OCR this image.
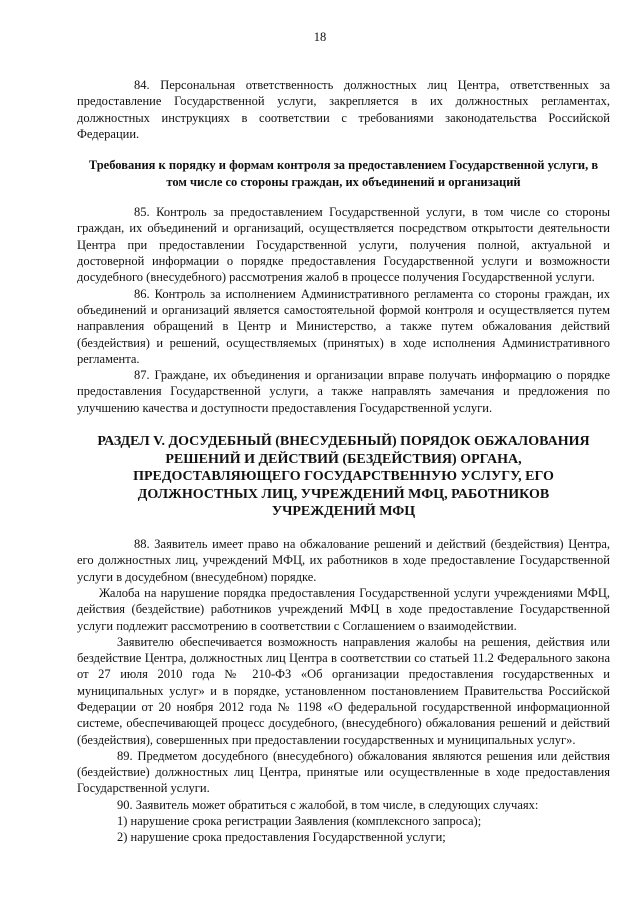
18

84. Персональная ответственность должностных лиц Центра, ответственных за предоставление Государственной услуги, закрепляется в их должностных регламентах, должностных инструкциях в соответствии с требованиями законодательства Российской Федерации.

Требования к порядку и формам контроля за предоставлением Государственной услуги, в том числе со стороны граждан, их объединений и организаций

85. Контроль за предоставлением Государственной услуги, в том числе со стороны граждан, их объединений и организаций, осуществляется посредством открытости деятельности Центра при предоставлении Государственной услуги, получения полной, актуальной и достоверной информации о порядке предоставления Государственной услуги и возможности досудебного (внесудебного) рассмотрения жалоб в процессе получения Государственной услуги.

86. Контроль за исполнением Административного регламента со стороны граждан, их объединений и организаций является самостоятельной формой контроля и осуществляется путем направления обращений в Центр и Министерство, а также путем обжалования действий (бездействия) и решений, осуществляемых (принятых) в ходе исполнения Административного регламента.

87. Граждане, их объединения и организации вправе получать информацию о порядке предоставления Государственной услуги, а также направлять замечания и предложения по улучшению качества и доступности предоставления Государственной услуги.

РАЗДЕЛ V. ДОСУДЕБНЫЙ (ВНЕСУДЕБНЫЙ) ПОРЯДОК ОБЖАЛОВАНИЯ РЕШЕНИЙ И ДЕЙСТВИЙ (БЕЗДЕЙСТВИЯ) ОРГАНА, ПРЕДОСТАВЛЯЮЩЕГО ГОСУДАРСТВЕННУЮ УСЛУГУ, ЕГО ДОЛЖНОСТНЫХ ЛИЦ, УЧРЕЖДЕНИЙ МФЦ, РАБОТНИКОВ УЧРЕЖДЕНИЙ МФЦ

88. Заявитель имеет право на обжалование решений и действий (бездействия) Центра, его должностных лиц, учреждений МФЦ, их работников в ходе предоставление Государственной услуги в досудебном (внесудебном) порядке.

Жалоба на нарушение порядка предоставления Государственной услуги учреждениями МФЦ, действия (бездействие) работников учреждений МФЦ в ходе предоставление Государственной услуги подлежит рассмотрению в соответствии с Соглашением о взаимодействии.

Заявителю обеспечивается возможность направления жалобы на решения, действия или бездействие Центра, должностных лиц Центра в соответствии со статьей 11.2 Федерального закона от 27 июля 2010 года № 210-ФЗ «Об организации предоставления государственных и муниципальных услуг» и в порядке, установленном постановлением Правительства Российской Федерации от 20 ноября 2012 года № 1198 «О федеральной государственной информационной системе, обеспечивающей процесс досудебного, (внесудебного) обжалования решений и действий (бездействия), совершенных при предоставлении государственных и муниципальных услуг».

89. Предметом досудебного (внесудебного) обжалования являются решения или действия (бездействие) должностных лиц Центра, принятые или осуществленные в ходе предоставления Государственной услуги.

90. Заявитель может обратиться с жалобой, в том числе, в следующих случаях:

1) нарушение срока регистрации Заявления (комплексного запроса);

2) нарушение срока предоставления Государственной услуги;
